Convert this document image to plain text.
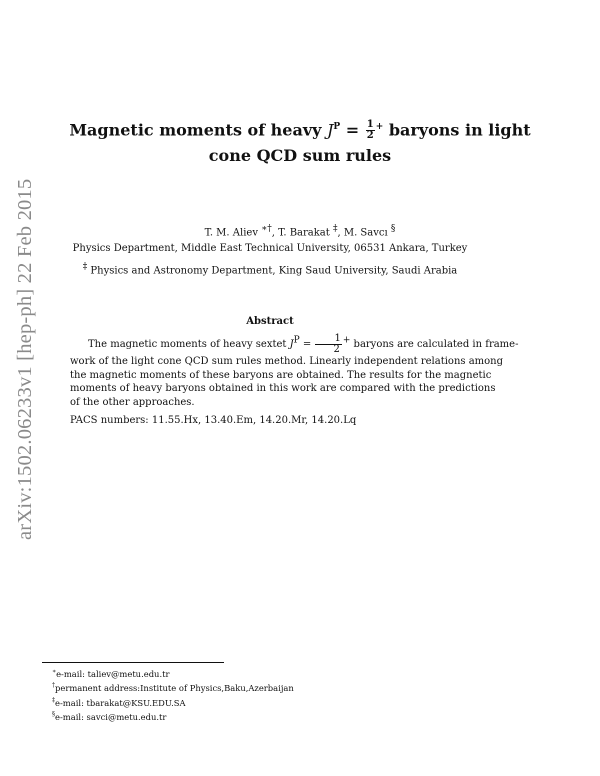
arXiv:1502.06233v1 [hep-ph] 22 Feb 2015
Magnetic moments of heavy $J^P = \frac{1}{2} ^+$ baryons in light
cone QCD sum rules
T. M. Aliev ∗†, T. Barakat ‡, M. Savcı §
Physics Department, Middle East Technical University, 06531 Ankara, Turkey
‡ Physics and Astronomy Department, King Saud University, Saudi Arabia
Abstract
The magnetic moments of heavy sextet $J^P = \frac{1}{2} ^+$ baryons are calculated in frame-
work of the light cone QCD sum rules method. Linearly independent relations among
the magnetic moments of these baryons are obtained. The results for the magnetic
moments of heavy baryons obtained in this work are compared with the predictions
of the other approaches.
PACS numbers: 11.55.Hx, 13.40.Em, 14.20.Mr, 14.20.Lq
∗e-mail: taliev@metu.edu.tr
†permanent address:Institute of Physics,Baku,Azerbaijan
‡e-mail: tbarakat@KSU.EDU.SA
§e-mail: savci@metu.edu.tr
